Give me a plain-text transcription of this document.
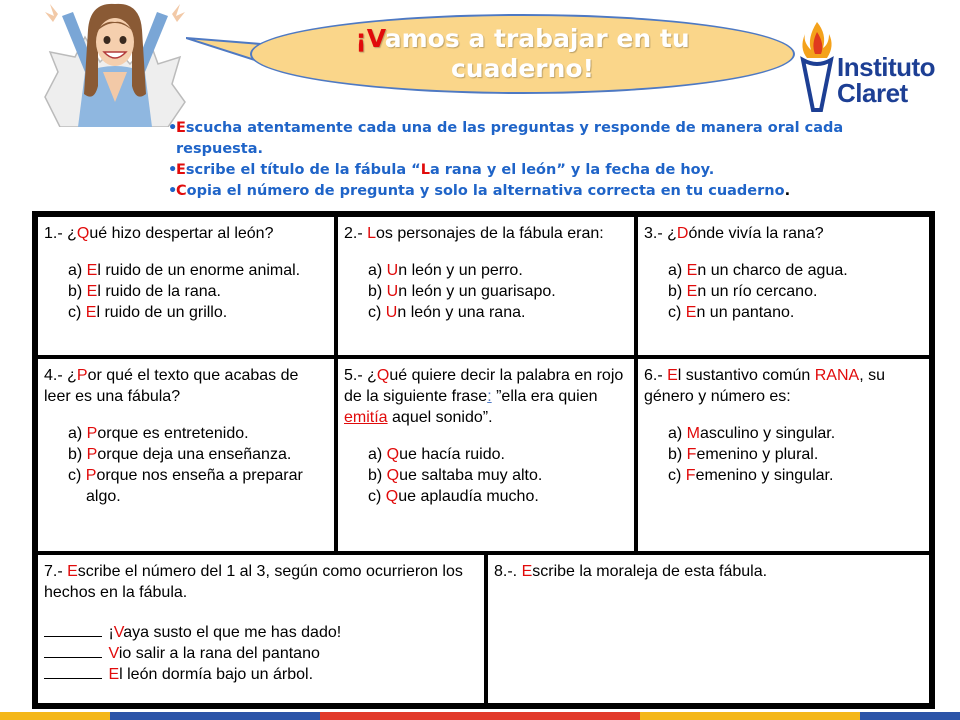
¡Vamos a trabajar en tu cuaderno!	Instituto
Claret
•
Escucha atentamente cada una de las preguntas y responde de manera oral cada respuesta.
•
Escribe el título de la fábula “La rana y el león” y la fecha de hoy.
•
Copia el número de pregunta y solo la alternativa correcta en tu cuaderno.
1.- ¿Qué hizo despertar al león?
a) El ruido de un enorme animal.
b) El ruido de la rana.
c) El ruido de un grillo.
2.- Los personajes de la fábula eran:
a) Un león y un perro.
b) Un león y un guarisapo.
c) Un león y una rana.
3.- ¿Dónde vivía la rana?
a) En un charco de agua.
b) En un río cercano.
c) En un pantano.
4.- ¿Por qué el texto que acabas de leer es una fábula?
a) Porque es entretenido.
b) Porque deja una enseñanza.
c) Porque nos enseña a preparar algo.
5.- ¿Qué quiere decir la palabra en rojo de la siguiente frase: ”ella era quien emitía aquel sonido”.
a) Que hacía ruido.
b) Que saltaba muy alto.
c) Que aplaudía mucho.
6.- El sustantivo común RANA, su género y número es:
a) Masculino y singular.
b) Femenino y plural.
c) Femenino y singular.
7.- Escribe el número del 1 al 3, según como ocurrieron los hechos en la fábula.
¡Vaya susto el que me has dado!
Vio salir a la rana del pantano
El león dormía bajo un árbol.
8.-. Escribe la moraleja de esta fábula.
